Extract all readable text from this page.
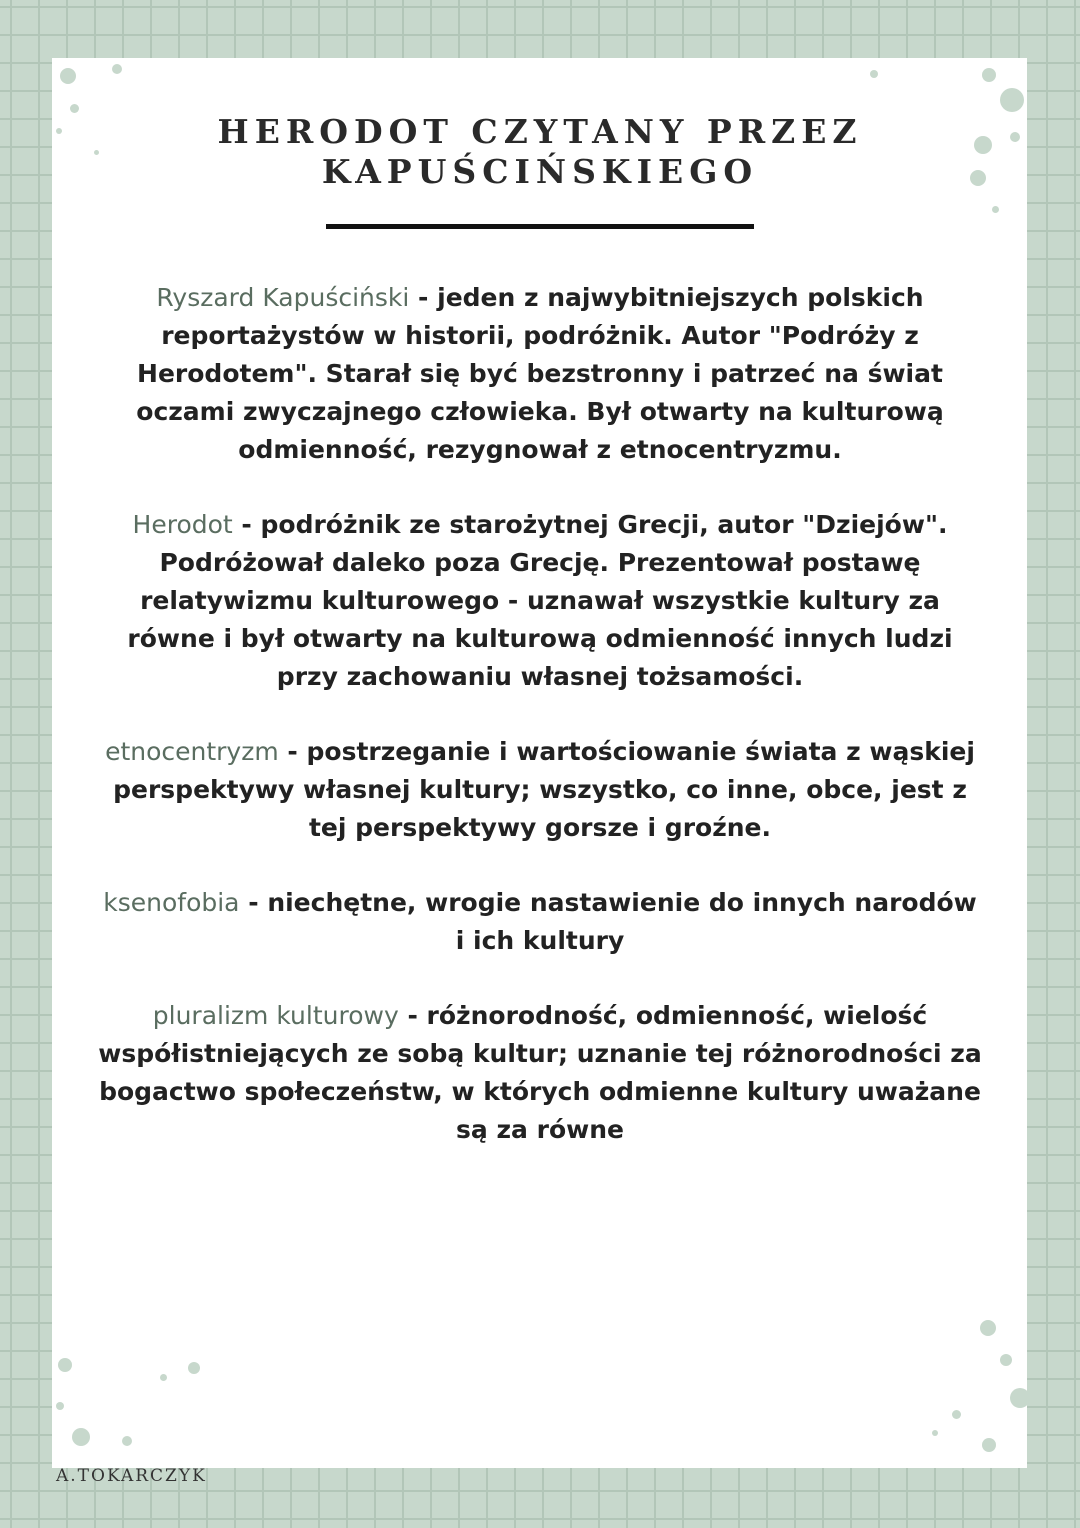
HERODOT CZYTANY PRZEZ
KAPUŚCIŃSKIEGO

Ryszard Kapuściński - jeden z najwybitniejszych polskich
reportażystów w historii, podróżnik. Autor "Podróży z
Herodotem". Starał się być bezstronny i patrzeć na świat
oczami zwyczajnego człowieka. Był otwarty na kulturową
odmienność, rezygnował z etnocentryzmu.

Herodot - podróżnik ze starożytnej Grecji, autor "Dziejów".
Podróżował daleko poza Grecję. Prezentował postawę
relatywizmu kulturowego - uznawał wszystkie kultury za
równe i był otwarty na kulturową odmienność innych ludzi
przy zachowaniu własnej tożsamości.

etnocentryzm - postrzeganie i wartościowanie świata z wąskiej
perspektywy własnej kultury; wszystko, co inne, obce, jest z
tej perspektywy gorsze i groźne.

ksenofobia - niechętne, wrogie nastawienie do innych narodów
i ich kultury

pluralizm kulturowy - różnorodność, odmienność, wielość
współistniejących ze sobą kultur; uznanie tej różnorodności za
bogactwo społeczeństw, w których odmienne kultury uważane
są za równe

A.TOKARCZYK
